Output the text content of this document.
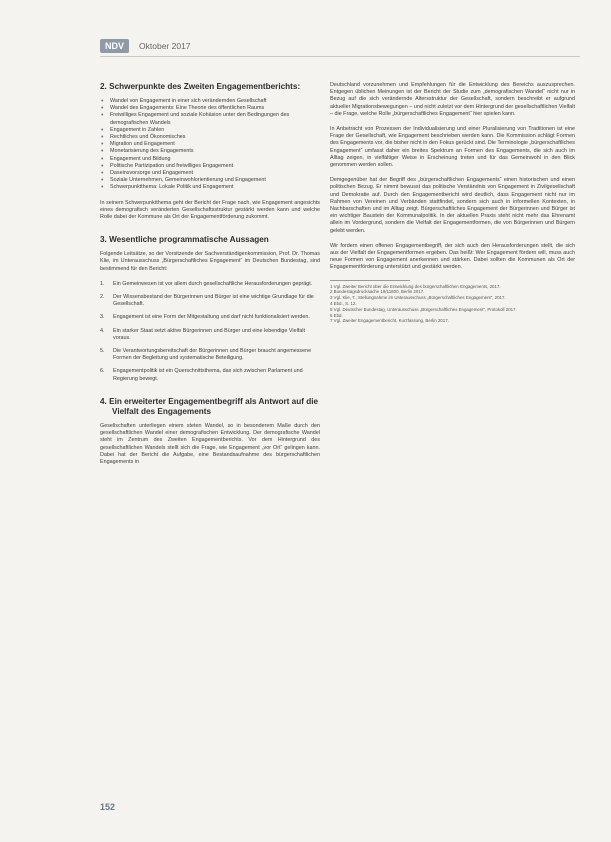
NDV	Oktober 2017
2. Schwerpunkte des Zweiten Engagementberichts:
• Wandel von Engagement in einer sich verändernden Gesellschaft
• Wandel des Engagements: Eine Theorie des öffentlichen Raums
• Freiwilliges Engagement und soziale Kohäsion unter den Bedingungen des demografischen Wandels
• Engagement in Zahlen
• Rechtliches und Ökonomisches
• Migration und Engagement
• Monetarisierung des Engagements
• Engagement und Bildung
• Politische Partizipation und freiwilliges Engagement
• Daseinsvorsorge und Engagement
• Soziale Unternehmen, Gemeinwohlorientierung und Engagement
• Schwerpunktthema: Lokale Politik und Engagement

In seinem Schwerpunktthema geht der Bericht der Frage nach, wie Engagement angesichts eines demografisch veränderten Gesellschaftsstruktur gestärkt werden kann und welche Rolle dabei der Kommune als Ort der Engagementförderung zukommt.

3. Wesentliche programmatische Aussagen

Folgende Leitsätze, so der Vorsitzende der Sachverständigenkommission, Prof. Dr. Thomas Klie, im Unterausschuss „Bürgerschaftliches Engagement“ im Deutschen Bundestag, sind bestimmend für den Bericht:

1. Ein Gemeinwesen ist vor allem durch gesellschaftliche Herausforderungen geprägt.
2. Der Wissensbestand der Bürgerinnen und Bürger ist eine wichtige Grundlage für die Gesellschaft.
3. Engagement ist eine Form der Mitgestaltung und darf nicht funktionalisiert werden.
4. Ein starker Staat setzt aktive Bürgerinnen und Bürger und eine lebendige Vielfalt voraus.
5. Die Verantwortungsbereitschaft der Bürgerinnen und Bürger braucht angemessene Formen der Begleitung und systematische Beteiligung.
6. Engagementpolitik ist ein Querschnittsthema, das sich zwischen Parlament und Regierung bewegt.
4. Ein erweiterter Engagementbegriff als Antwort auf die Vielfalt des Engagements

Gesellschaften unterliegen einem steten Wandel, so in besonderem Maße durch den gesellschaftlichen Wandel einer demografischen Entwicklung. Der demografische Wandel steht im Zentrum des Zweiten Engagementberichts. Vor dem Hintergrund des gesellschaftlichen Wandels stellt sich die Frage, wie Engagement „vor Ort“ gelingen kann. Dabei hat der Bericht die Aufgabe, eine Bestandsaufnahme des bürgerschaftlichen Engagements in

Deutschland vorzunehmen und Empfehlungen für die Entwicklung des Bereichs auszusprechen. Entgegen üblichen Meinungen ist der Bericht der Studie zum „demografischen Wandel“ nicht nur in Bezug auf die sich verändernde Altersstruktur der Gesellschaft, sondern beschreibt er aufgrund aktueller Migrationsbewegungen – und nicht zuletzt vor dem Hintergrund der gesellschaftlichen Vielfalt – die Frage, welche Rolle „bürgerschaftliches Engagement“ hier spielen kann.

In Anbetracht von Prozessen der Individualisierung und einer Pluralisierung von Traditionen ist eine Frage der Gesellschaft, wie Engagement beschrieben werden kann. Die Kommission schlägt Formen des Engagements vor, die bisher nicht in den Fokus gerückt sind. Die Terminologie „bürgerschaftliches Engagement“ umfasst daher ein breites Spektrum an Formen des Engagements, die sich auch im Alltag zeigen, in vielfältiger Weise in Erscheinung treten und für das Gemeinwohl in den Blick genommen werden sollen.

Demgegenüber hat der Begriff des „bürgerschaftlichen Engagements“ einen historischen und einen politischen Bezug. Er nimmt bewusst das politische Verständnis von Engagement in Zivilgesellschaft und Demokratie auf. Durch den Engagementbericht wird deutlich, dass Engagement nicht nur im Rahmen von Vereinen und Verbänden stattfindet, sondern sich auch in informellen Kontexten, in Nachbarschaften und im Alltag zeigt. Bürgerschaftliches Engagement der Bürgerinnen und Bürger ist ein wichtiger Baustein der Kommunalpolitik. In der aktuellen Praxis steht nicht mehr das Ehrenamt allein im Vordergrund, sondern die Vielfalt der Engagementformen, die von Bürgerinnen und Bürgern gelebt werden.

Wir fordern einen offenen Engagementbegriff, der sich auch den Herausforderungen stellt, die sich aus der Vielfalt der Engagementformen ergeben. Das heißt: Wer Engagement fördern will, muss auch neue Formen von Engagement anerkennen und stärken. Dabei sollten die Kommunen als Ort der Engagementförderung unterstützt und gestärkt werden.

1 Vgl. Zweiter Bericht über die Entwicklung des bürgerschaftlichen Engagements, 2017.
2 Bundestagsdrucksache 18/11800, Berlin 2017.
3 Vgl. Klie, T., Stellungnahme im Unterausschuss „Bürgerschaftliches Engagement“, 2017.
4 Ebd., S. 12.
5 Vgl. Deutscher Bundestag, Unterausschuss „Bürgerschaftliches Engagement“, Protokoll 2017.
6 Ebd.
7 Vgl. Zweiter Engagementbericht, Kurzfassung, Berlin 2017.
152
